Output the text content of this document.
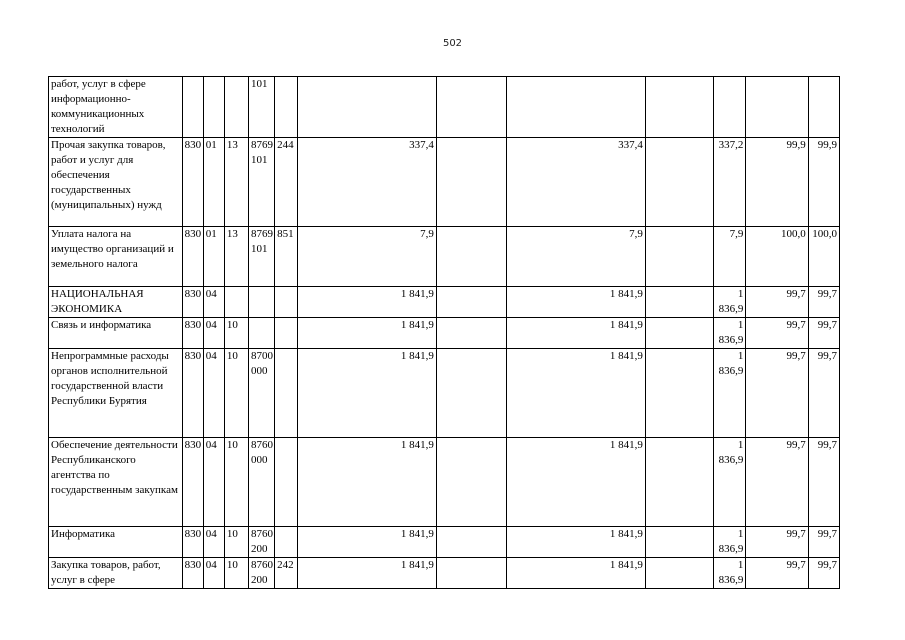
502
работ, услуг в сфере информационно-коммуникационных технологий				101								
Прочая закупка товаров, работ и услуг для обеспечения государственных (муниципальных) нужд	830	01	13	8769 101	244	337,4		337,4		337,2	99,9	99,9
Уплата налога на имущество организаций и земельного налога	830	01	13	8769 101	851	7,9		7,9		7,9	100,0	100,0
НАЦИОНАЛЬНАЯ ЭКОНОМИКА	830	04				1 841,9		1 841,9		1 836,9	99,7	99,7
Связь и информатика	830	04	10			1 841,9		1 841,9		1 836,9	99,7	99,7
Непрограммные расходы органов исполнительной государственной власти Республики Бурятия	830	04	10	8700 000		1 841,9		1 841,9		1 836,9	99,7	99,7
Обеспечение деятельности Республиканского агентства по государственным закупкам	830	04	10	8760 000		1 841,9		1 841,9		1 836,9	99,7	99,7
Информатика	830	04	10	8760 200		1 841,9		1 841,9		1 836,9	99,7	99,7
Закупка товаров, работ, услуг в сфере	830	04	10	8760 200	242	1 841,9		1 841,9		1 836,9	99,7	99,7
